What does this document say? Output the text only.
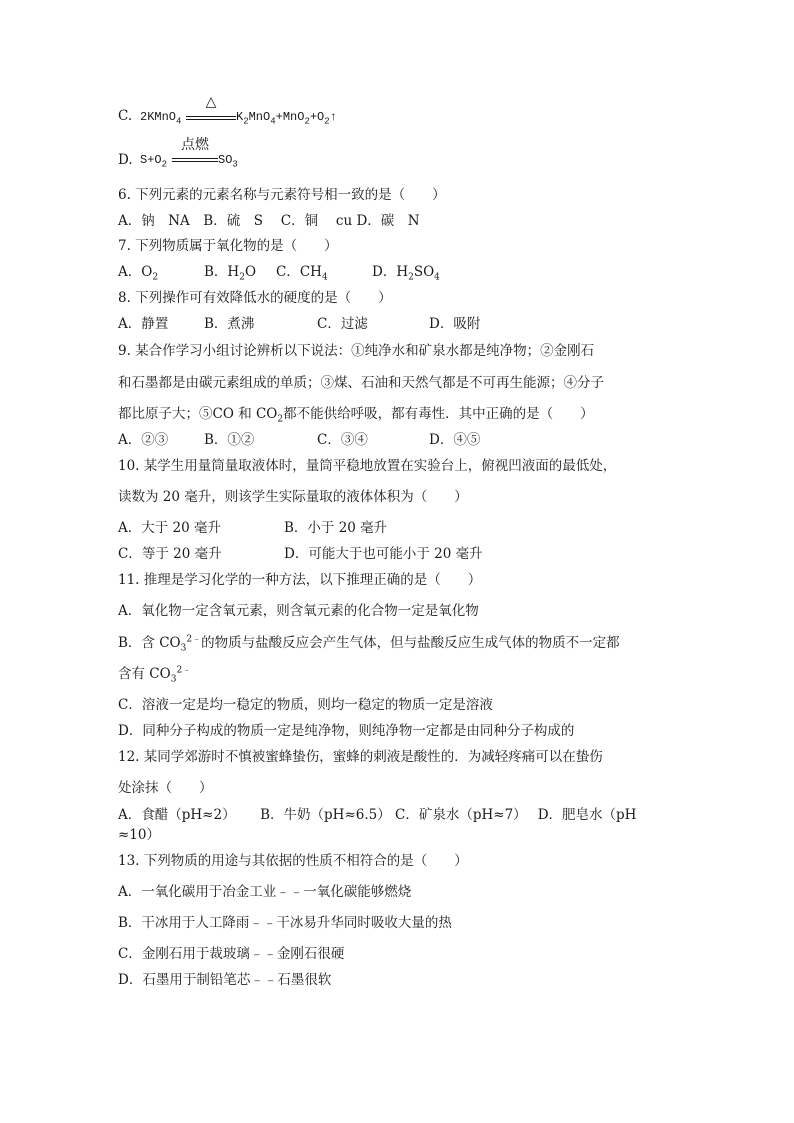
C. 2KMnO$_4$
△
$K_2MnO_4+MnO_2+O_2↑$
D. $S+O_2$
点燃
$SO_3$
6. 下列元素的元素名称与元素符号相一致的是（　　）
A．钠　NA　B．硫　S　 C．铜　 cu D．碳　N
7. 下列物质属于氧化物的是（　　）
A．$O_2$	B．$H_2O$ C．$CH_4$	D．$H_2SO_4$
8. 下列操作可有效降低水的硬度的是（　　）
A．静置	B．煮沸	C．过滤	D．吸附
9. 某合作学习小组讨论辨析以下说法：①纯净水和矿泉水都是纯净物；②金刚石
和石墨都是由碳元素组成的单质；③煤、石油和天然气都是不可再生能源；④分子
都比原子大；⑤CO 和 $CO_2$都不能供给呼吸，都有毒性．其中正确的是（　　）
A．②③	B．①②	C．③④	D．④⑤
10. 某学生用量筒量取液体时，量筒平稳地放置在实验台上，俯视凹液面的最低处，
读数为 20 毫升，则该学生实际量取的液体体积为（　　）
A．大于 20 毫升	B．小于 20 毫升
C．等于 20 毫升	D．可能大于也可能小于 20 毫升
11. 推理是学习化学的一种方法，以下推理正确的是（　　）
A．氧化物一定含氧元素，则含氧元素的化合物一定是氧化物
B．含 $CO_3^{2﹣}$的物质与盐酸反应会产生气体，但与盐酸反应生成气体的物质不一定都
含有 $CO_3^{2﹣}$
C．溶液一定是均一稳定的物质，则均一稳定的物质一定是溶液
D．同种分子构成的物质一定是纯净物，则纯净物一定都是由同种分子构成的
12. 某同学郊游时不慎被蜜蜂蛰伤，蜜蜂的刺液是酸性的．为减轻疼痛可以在蛰伤
处涂抹（　　）
A．食醋（pH≈2）　　 B．牛奶（pH≈6.5） C．矿泉水（pH≈7）　 D．肥皂水（pH
≈10）
13. 下列物质的用途与其依据的性质不相符合的是（　　）
A．一氧化碳用于冶金工业﹣﹣一氧化碳能够燃烧
B．干冰用于人工降雨﹣﹣干冰易升华同时吸收大量的热
C．金刚石用于裁玻璃﹣﹣金刚石很硬
D．石墨用于制铅笔芯﹣﹣石墨很软
